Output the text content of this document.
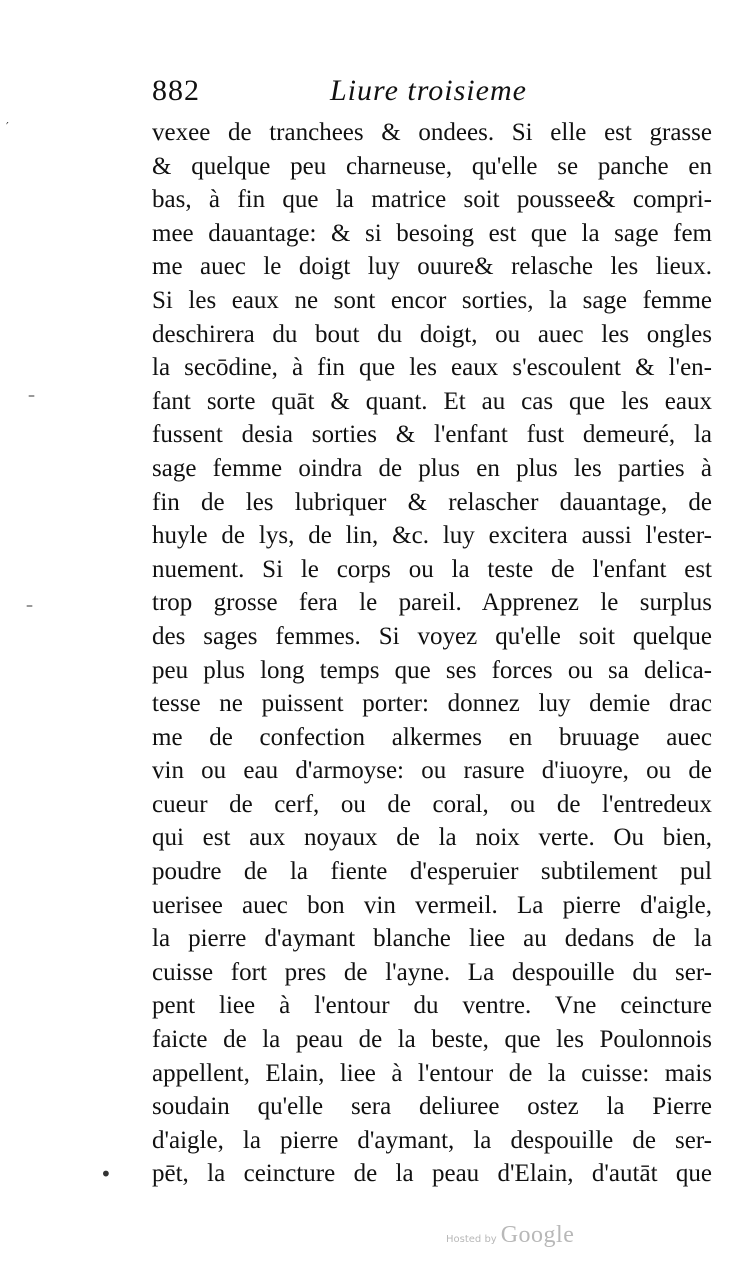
882	Liure troisieme
vexee de tranchees & ondees. Si elle est grasse
& quelque peu charneuse, qu'elle se panche en
bas, à fin que la matrice soit poussee& compri-
mee dauantage: & si besoing est que la sage fem
me auec le doigt luy ouure& relasche les lieux.
Si les eaux ne sont encor sorties, la sage femme
deschirera du bout du doigt, ou auec les ongles
la secōdine, à fin que les eaux s'escoulent & l'en-
fant sorte quāt & quant. Et au cas que les eaux
fussent desia sorties & l'enfant fust demeuré, la
sage femme oindra de plus en plus les parties à
fin de les lubriquer & relascher dauantage, de
huyle de lys, de lin, &c. luy excitera aussi l'ester-
nuement. Si le corps ou la teste de l'enfant est
trop grosse fera le pareil. Apprenez le surplus
des sages femmes. Si voyez qu'elle soit quelque
peu plus long temps que ses forces ou sa delica-
tesse ne puissent porter: donnez luy demie drac
me de confection alkermes en bruuage auec
vin ou eau d'armoyse: ou rasure d'iuoyre, ou de
cueur de cerf, ou de coral, ou de l'entredeux
qui est aux noyaux de la noix verte. Ou bien,
poudre de la fiente d'esperuier subtilement pul
uerisee auec bon vin vermeil. La pierre d'aigle,
la pierre d'aymant blanche liee au dedans de la
cuisse fort pres de l'ayne. La despouille du ser-
pent liee à l'entour du ventre. Vne ceincture
faicte de la peau de la beste, que les Poulonnois
appellent, Elain, liee à l'entour de la cuisse: mais
soudain qu'elle sera deliuree ostez la Pierre
d'aigle, la pierre d'aymant, la despouille de ser-
pēt, la ceincture de la peau d'Elain, d'autāt que
′
–
–
•
Hosted by Google
